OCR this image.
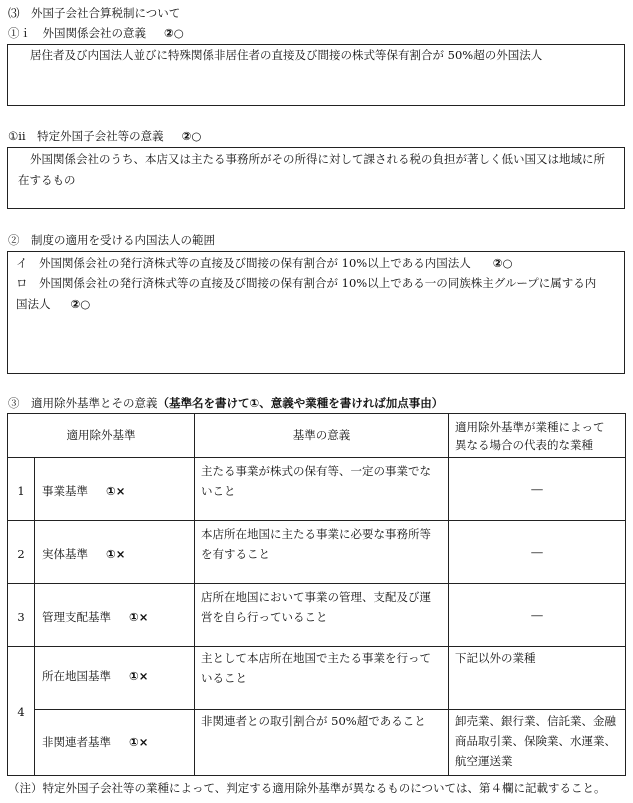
⑶　外国子会社合算税制について
①ｉ　外国関係会社の意義 ②○

居住者及び内国法人並びに特殊関係非居住者の直接及び間接の株式等保有割合が 50%超の外国法人

①ⅱ　特定外国子会社等の意義 ②○

外国関係会社のうち、本店又は主たる事務所がその所得に対して課される税の負担が著しく低い国又は地域に所

在するもの

②　制度の適用を受ける内国法人の範囲

イ　外国関係会社の発行済株式等の直接及び間接の保有割合が 10%以上である内国法人 ②○

ロ　外国関係会社の発行済株式等の直接及び間接の保有割合が 10%以上である一の同族株主グループに属する内

国法人 ②○

③　適用除外基準とその意義（基準名を書けて①、意義や業種を書ければ加点事由）
適用除外基準		基準の意義	適用除外基準が業種によって
異なる場合の代表的な業種

1	事業基準 ①×	主たる事業が株式の保有等、一定の事業でな
いこと	―

2	実体基準 ①×	本店所在地国に主たる事業に必要な事務所等
を有すること	―

3	管理支配基準 ①×	店所在地国において事業の管理、支配及び運
営を自ら行っていること	―

4	所在地国基準 ①×	主として本店所在地国で主たる事業を行って
いること	下記以外の業種

	非関連者基準 ①×	非関連者との取引割合が 50%超であること	卸売業、銀行業、信託業、金融
商品取引業、保険業、水運業、
航空運送業
（注）特定外国子会社等の業種によって、判定する適用除外基準が異なるものについては、第４欄に記載すること。
